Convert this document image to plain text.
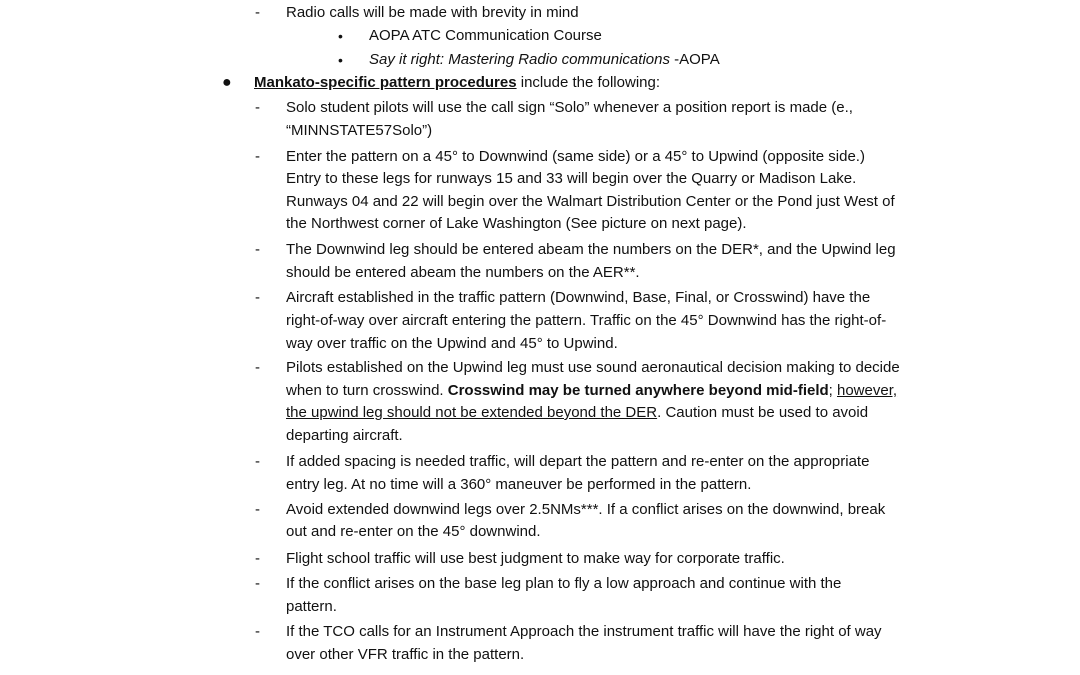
- Radio calls will be made with brevity in mind
• AOPA ATC Communication Course
• Say it right: Mastering Radio communications -AOPA
● Mankato-specific pattern procedures include the following:
- Solo student pilots will use the call sign “Solo” whenever a position report is made (e.,
“MINNSTATE57Solo”)
- Enter the pattern on a 45° to Downwind (same side) or a 45° to Upwind (opposite side.)
Entry to these legs for runways 15 and 33 will begin over the Quarry or Madison Lake.
Runways 04 and 22 will begin over the Walmart Distribution Center or the Pond just West of
the Northwest corner of Lake Washington (See picture on next page).
- The Downwind leg should be entered abeam the numbers on the DER*, and the Upwind leg
should be entered abeam the numbers on the AER**.
- Aircraft established in the traffic pattern (Downwind, Base, Final, or Crosswind) have the
right-of-way over aircraft entering the pattern. Traffic on the 45° Downwind has the right-of-
way over traffic on the Upwind and 45° to Upwind.
- Pilots established on the Upwind leg must use sound aeronautical decision making to decide
when to turn crosswind. Crosswind may be turned anywhere beyond mid-field; however,
the upwind leg should not be extended beyond the DER. Caution must be used to avoid
departing aircraft.
- If added spacing is needed traffic, will depart the pattern and re-enter on the appropriate
entry leg. At no time will a 360° maneuver be performed in the pattern.
- Avoid extended downwind legs over 2.5NMs***. If a conflict arises on the downwind, break
out and re-enter on the 45° downwind.
- Flight school traffic will use best judgment to make way for corporate traffic.
- If the conflict arises on the base leg plan to fly a low approach and continue with the
pattern.
- If the TCO calls for an Instrument Approach the instrument traffic will have the right of way
over other VFR traffic in the pattern.
